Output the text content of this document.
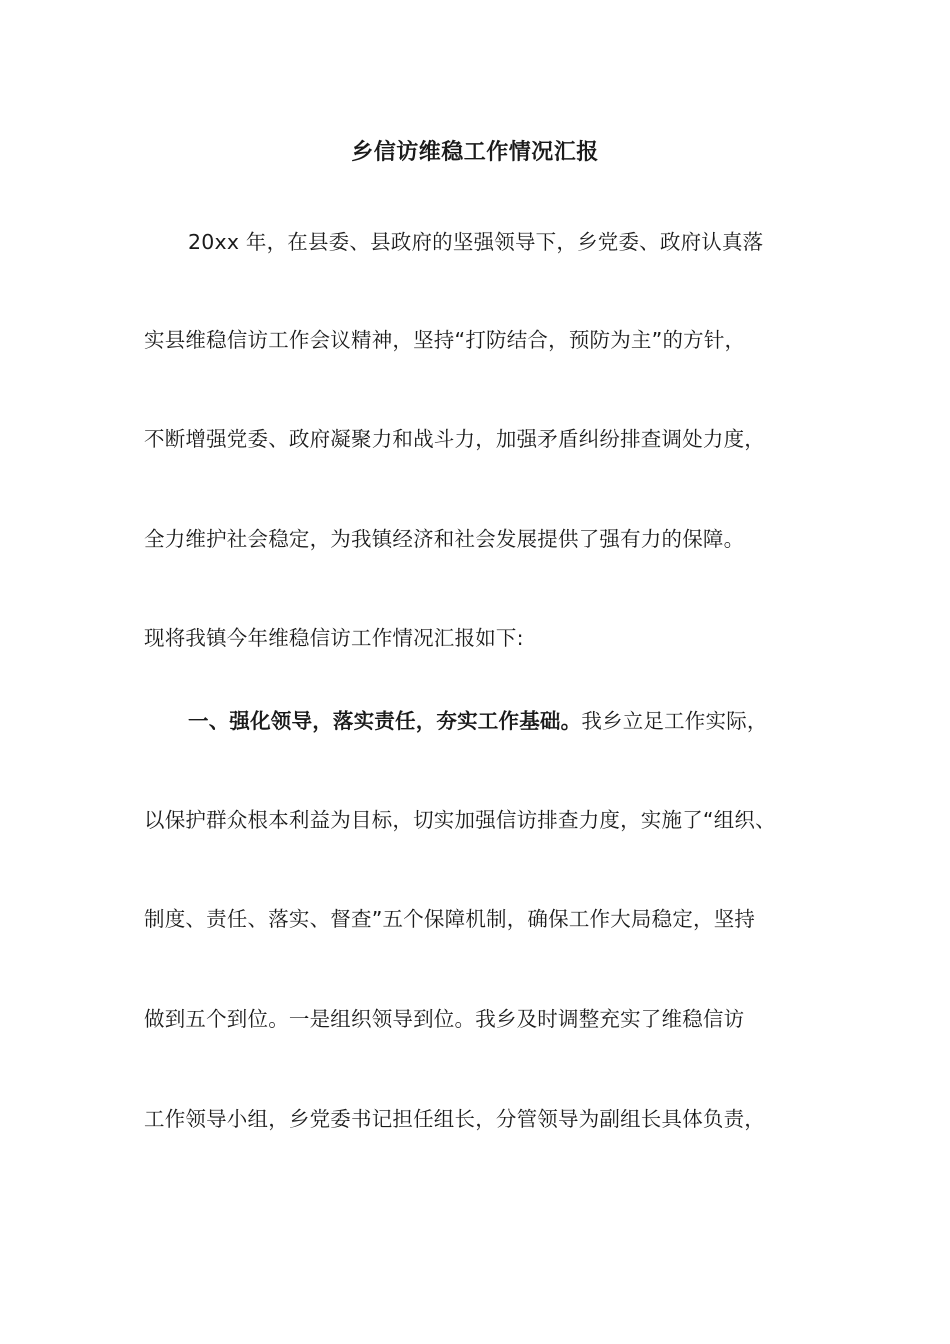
乡信访维稳工作情况汇报
20xx 年，在县委、县政府的坚强领导下，乡党委、政府认真落
实县维稳信访工作会议精神，坚持“打防结合，预防为主”的方针，
不断增强党委、政府凝聚力和战斗力，加强矛盾纠纷排查调处力度，
全力维护社会稳定，为我镇经济和社会发展提供了强有力的保障。
现将我镇今年维稳信访工作情况汇报如下:
一、强化领导，落实责任，夯实工作基础。我乡立足工作实际，
以保护群众根本利益为目标，切实加强信访排查力度，实施了“组织、
制度、责任、落实、督查”五个保障机制，确保工作大局稳定，坚持
做到五个到位。一是组织领导到位。我乡及时调整充实了维稳信访
工作领导小组，乡党委书记担任组长，分管领导为副组长具体负责，
